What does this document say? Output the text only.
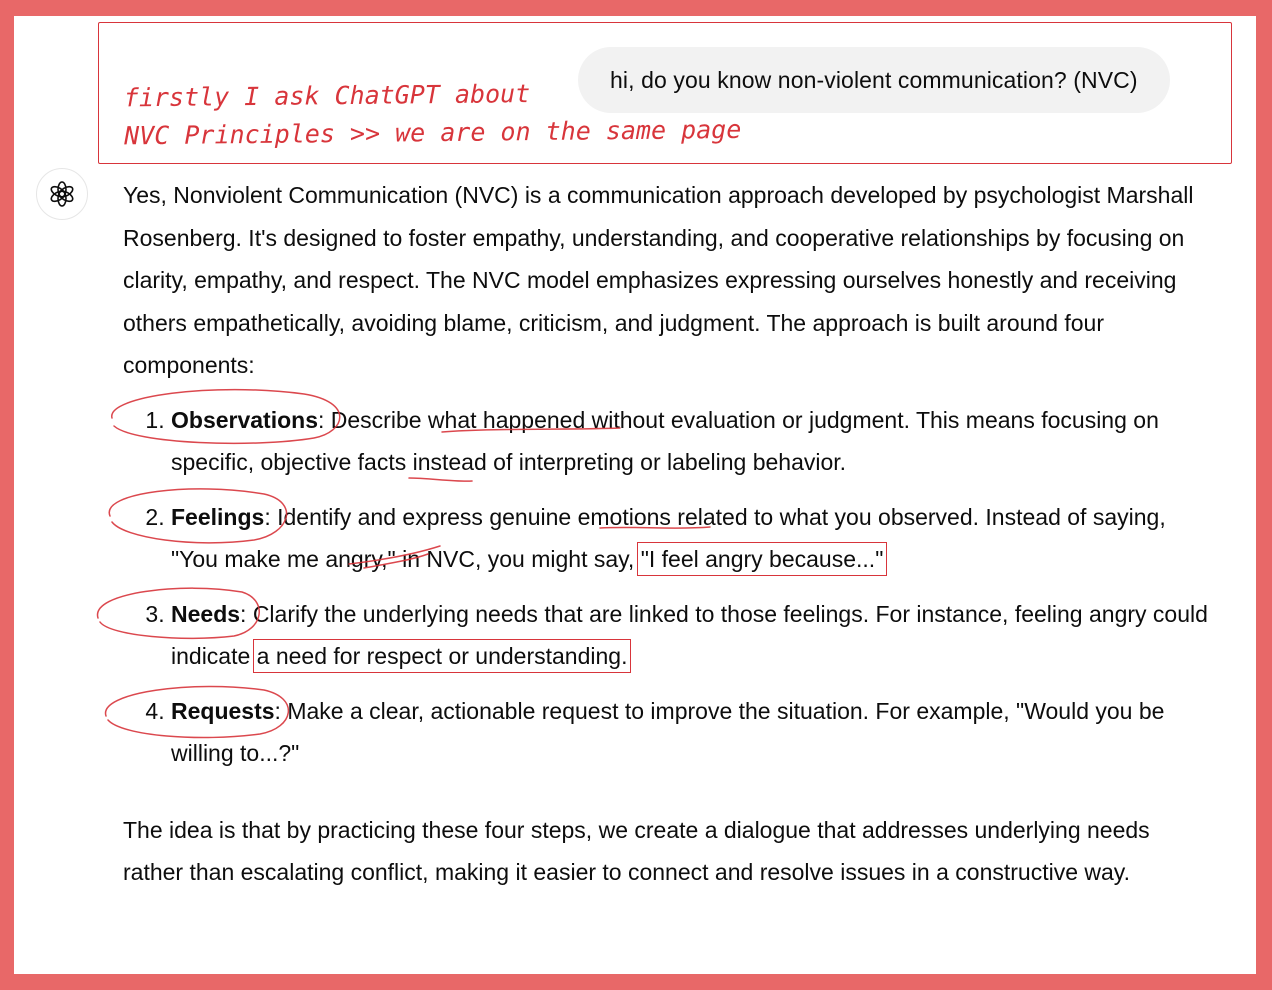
hi, do you know non-violent communication? (NVC)
firstly I ask ChatGPT about
NVC Principles >> we are on the same page

Yes, Nonviolent Communication (NVC) is a communication approach developed by psychologist Marshall Rosenberg. It's designed to foster empathy, understanding, and cooperative relationships by focusing on clarity, empathy, and respect. The NVC model emphasizes expressing ourselves honestly and receiving others empathetically, avoiding blame, criticism, and judgment. The approach is built around four components:

1. Observations: Describe what happened without evaluation or judgment. This means focusing on specific, objective facts instead of interpreting or labeling behavior.
2. Feelings: Identify and express genuine emotions related to what you observed. Instead of saying, "You make me angry," in NVC, you might say, "I feel angry because..."
3. Needs: Clarify the underlying needs that are linked to those feelings. For instance, feeling angry could indicate a need for respect or understanding.
4. Requests: Make a clear, actionable request to improve the situation. For example, "Would you be willing to...?"

The idea is that by practicing these four steps, we create a dialogue that addresses underlying needs rather than escalating conflict, making it easier to connect and resolve issues in a constructive way.
